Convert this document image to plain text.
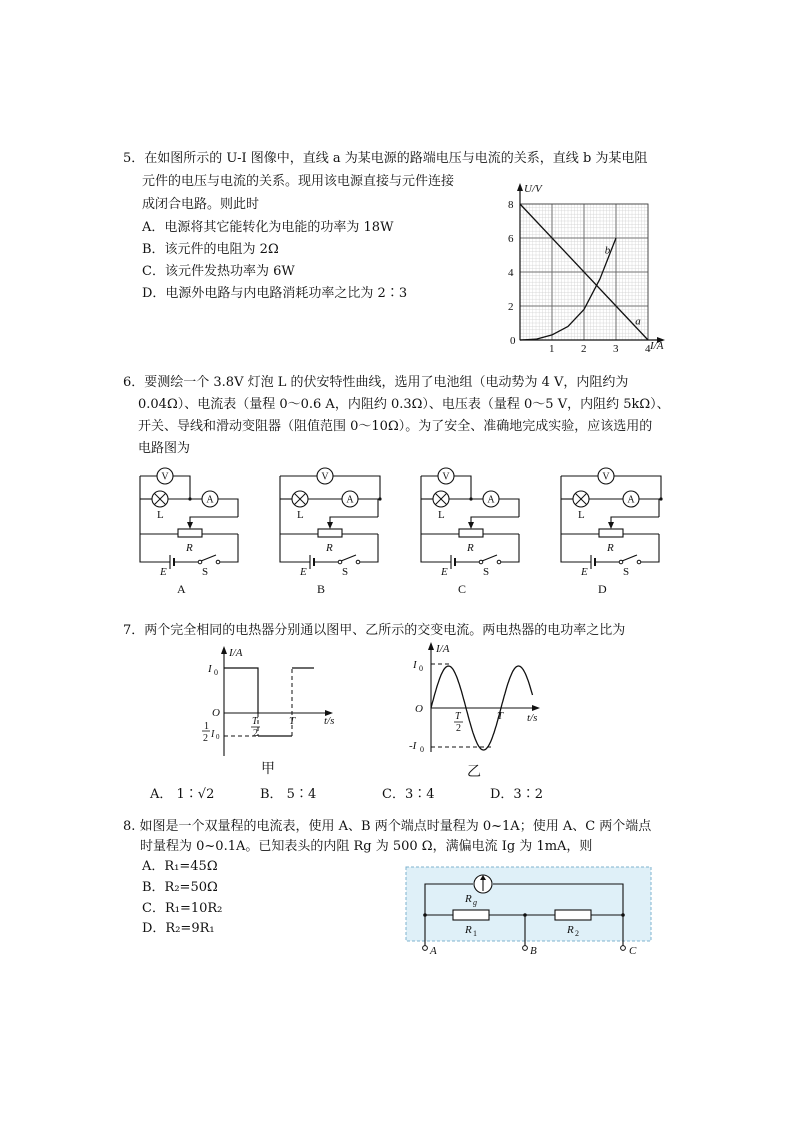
5．在如图所示的 U-I 图像中，直线 a 为某电源的路端电压与电流的关系，直线 b 为某电阻
元件的电压与电流的关系。现用该电源直接与元件连接
成闭合电路。则此时
A．电源将其它能转化为电能的功率为 18W
B．该元件的电阻为 2Ω
C．该元件发热功率为 6W
D．电源外电路与内电路消耗功率之比为 2∶3
U/V
I/A
0
2
4
6
8
1 2 3 4
a
b
6．要测绘一个 3.8V 灯泡 L 的伏安特性曲线，选用了电池组（电动势为 4 V，内阻约为
0.04Ω）、电流表（量程 0～0.6 A，内阻约 0.3Ω）、电压表（量程 0～5 V，内阻约 5kΩ）、
开关、导线和滑动变阻器（阻值范围 0～10Ω）。为了安全、准确地完成实验，应该选用的
电路图为
V
A
L
R
E	S
A
V
A
L
R
E	S
B
V
A
L
R
E	S
C
V
A
L
R
E	S
D
7．两个完全相同的电热器分别通以图甲、乙所示的交变电流。两电热器的电功率之比为
I/A
t/s
I 0
O
T
2
T
1
2 I 0
甲
I/A
t/s
I 0
O
T
2
T
-I 0
乙
A． 1∶√2	B． 5∶4	C．3∶4	D．3∶2
8. 如图是一个双量程的电流表，使用 A、B 两个端点时量程为 0~1A；使用 A、C 两个端点
时量程为 0~0.1A。已知表头的内阻 Rg 为 500 Ω，满偏电流 Ig 为 1mA，则
A．R₁=45Ω
B．R₂=50Ω
C．R₁=10R₂
D．R₂=9R₁
R g
R 1	R 2
A	B	C
